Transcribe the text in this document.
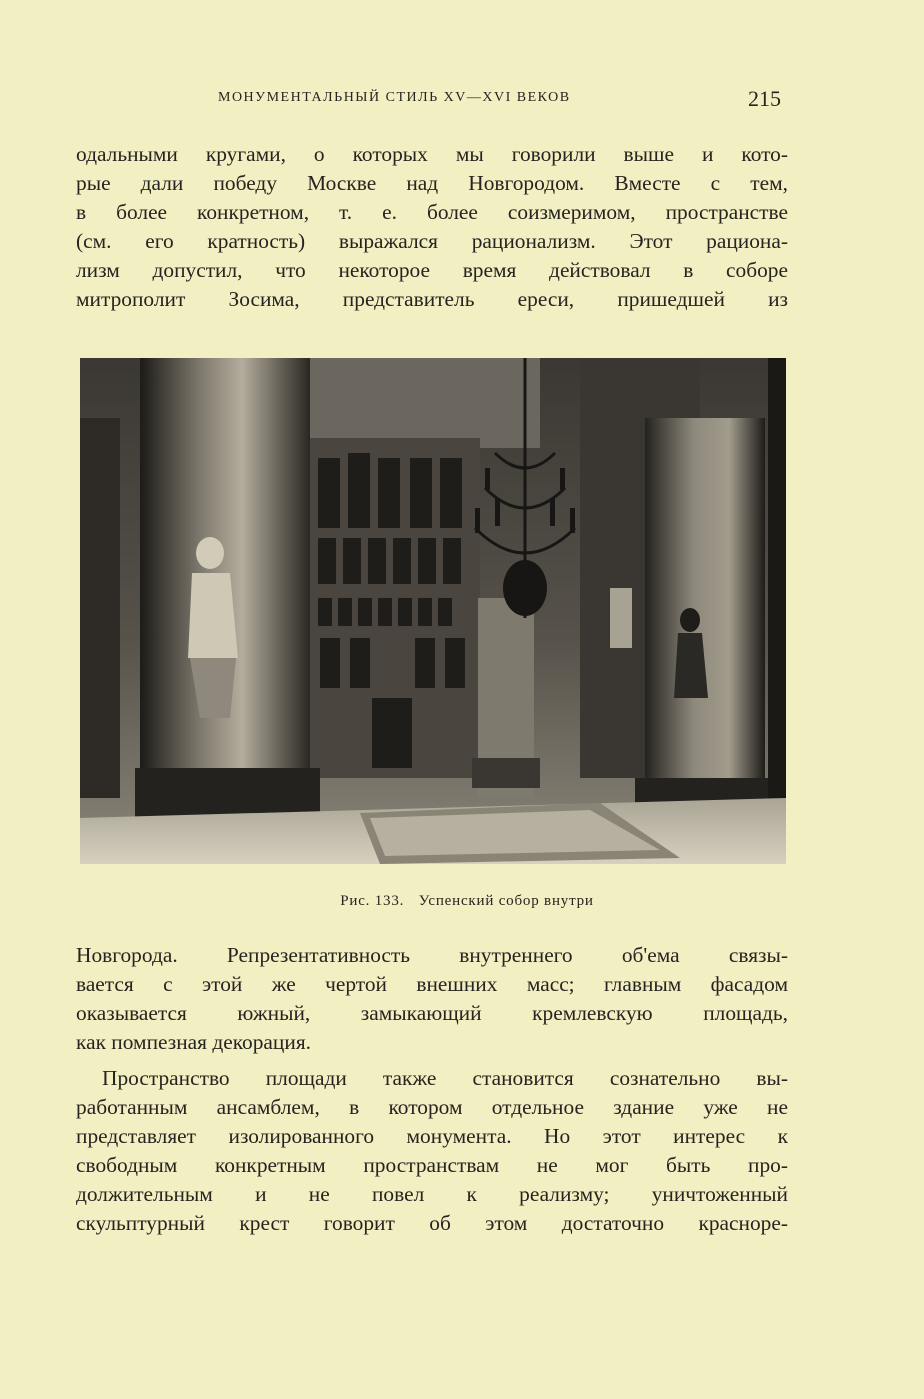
МОНУМЕНТАЛЬНЫЙ СТИЛЬ XV—XVI ВЕКОВ	215
одальными кругами, о которых мы говорили выше и кото-
рые дали победу Москве над Новгородом. Вместе с тем,
в более конкретном, т. е. более соизмеримом, пространстве
(см. его кратность) выражался рационализм. Этот рациона-
лизм допустил, что некоторое время действовал в соборе
митрополит Зосима, представитель ереси, пришедшей из
Рис. 133. Успенский собор внутри
Новгорода. Репрезентативность внутреннего об'ема связы-
вается с этой же чертой внешних масс; главным фасадом
оказывается южный, замыкающий кремлевскую площадь,
как помпезная декорация.
Пространство площади также становится сознательно вы-
работанным ансамблем, в котором отдельное здание уже не
представляет изолированного монумента. Но этот интерес к
свободным конкретным пространствам не мог быть про-
должительным и не повел к реализму; уничтоженный
скульптурный крест говорит об этом достаточно красноре-
